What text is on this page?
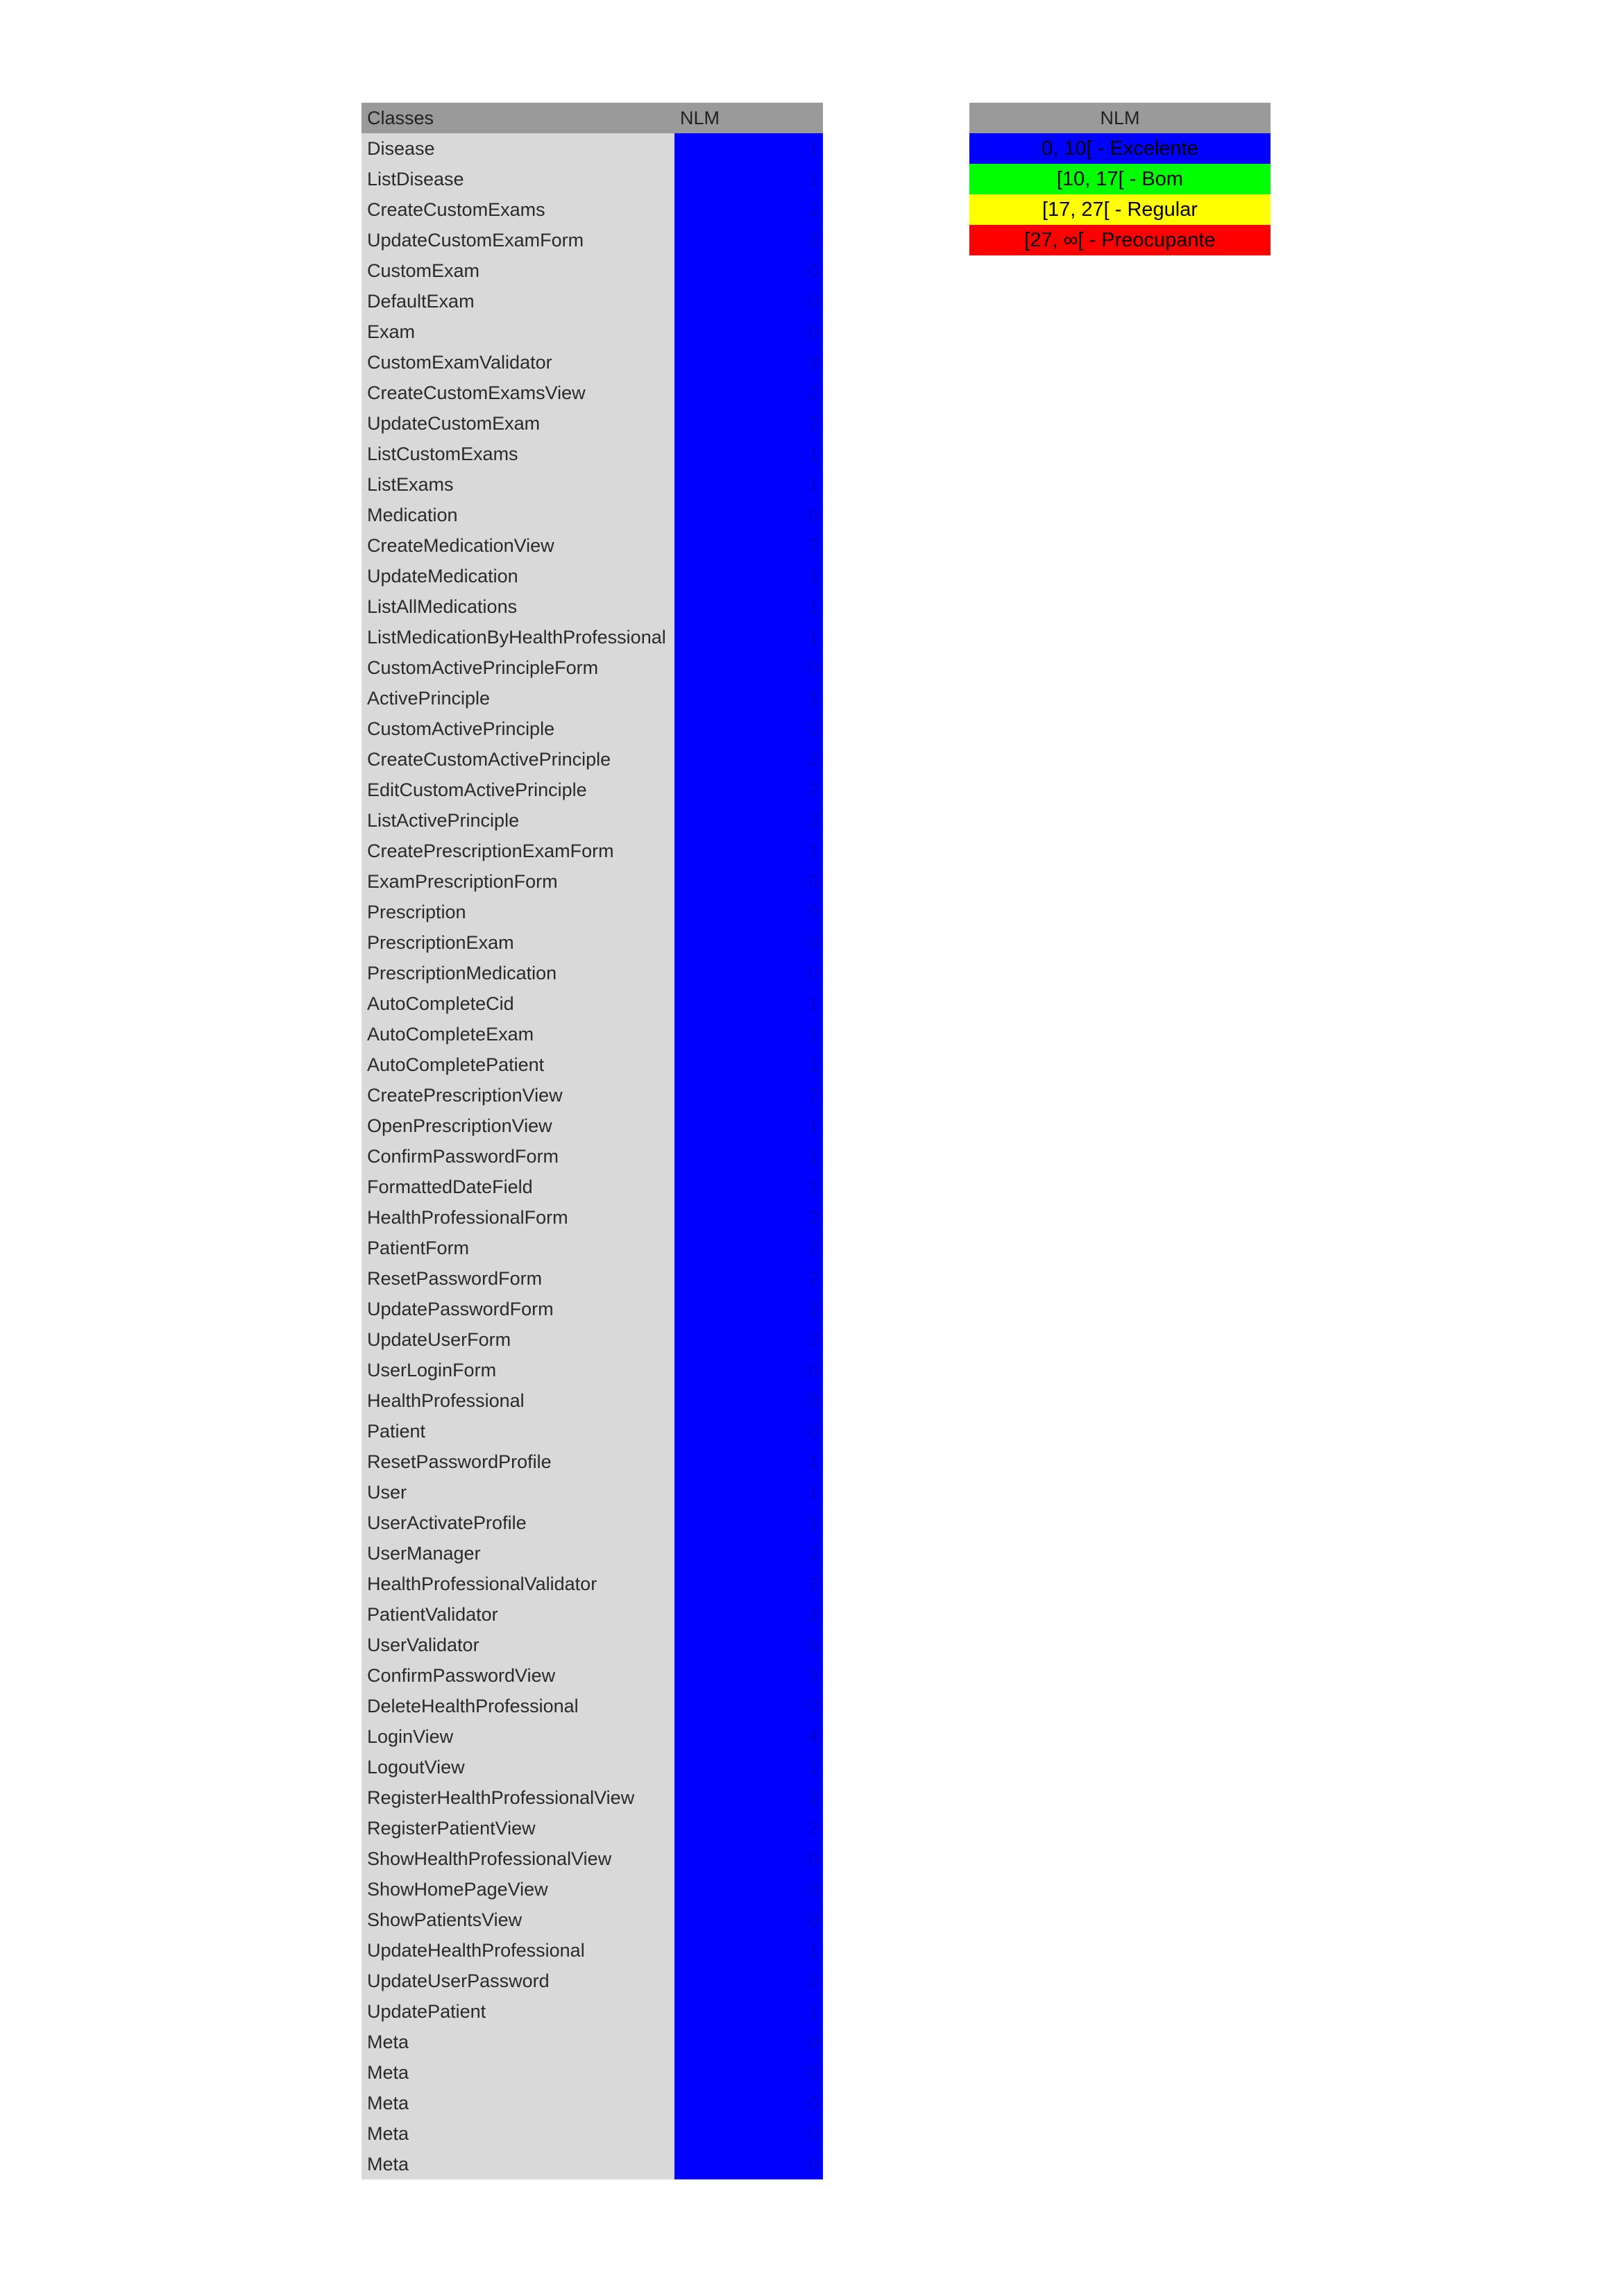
Classes	NLM
Disease	1
ListDisease	1
CreateCustomExams	2
UpdateCustomExamForm	3
CustomExam	0
DefaultExam	0
Exam	0
CustomExamValidator	3
CreateCustomExamsView	2
UpdateCustomExam	2
ListCustomExams	1
ListExams	1
Medication	0
CreateMedicationView	2
UpdateMedication	1
ListAllMedications	1
ListMedicationByHealthProfessional	1
CustomActivePrincipleForm	0
ActivePrinciple	1
CustomActivePrinciple	0
CreateCustomActivePrinciple	2
EditCustomActivePrinciple	2
ListActivePrinciple	2
CreatePrescriptionExamForm	1
ExamPrescriptionForm	0
Prescription	0
PrescriptionExam	0
PrescriptionMedication	0
AutoCompleteCid	1
AutoCompleteExam	1
AutoCompletePatient	1
CreatePrescriptionView	2
OpenPrescriptionView	1
ConfirmPasswordForm	1
FormattedDateField	1
HealthProfessionalForm	2
PatientForm	2
ResetPasswordForm	2
UpdatePasswordForm	2
UpdateUserForm	3
UserLoginForm	0
HealthProfessional	0
Patient	0
ResetPasswordProfile	1
User	1
UserActivateProfile	1
UserManager	2
HealthProfessionalValidator	2
PatientValidator	2
UserValidator	6
ConfirmPasswordView	5
DeleteHealthProfessional	0
LoginView	4
LogoutView	1
RegisterHealthProfessionalView	2
RegisterPatientView	2
ShowHealthProfessionalView	0
ShowHomePageView	0
ShowPatientsView	0
UpdateHealthProfessional	1
UpdateUserPassword	2
UpdatePatient	1
Meta	0
Meta	0
Meta	0
Meta	0
Meta	0
NLM
0, 10[ - Excelente
[10, 17[ - Bom
[17, 27[ - Regular
[27, ∞[ - Preocupante
